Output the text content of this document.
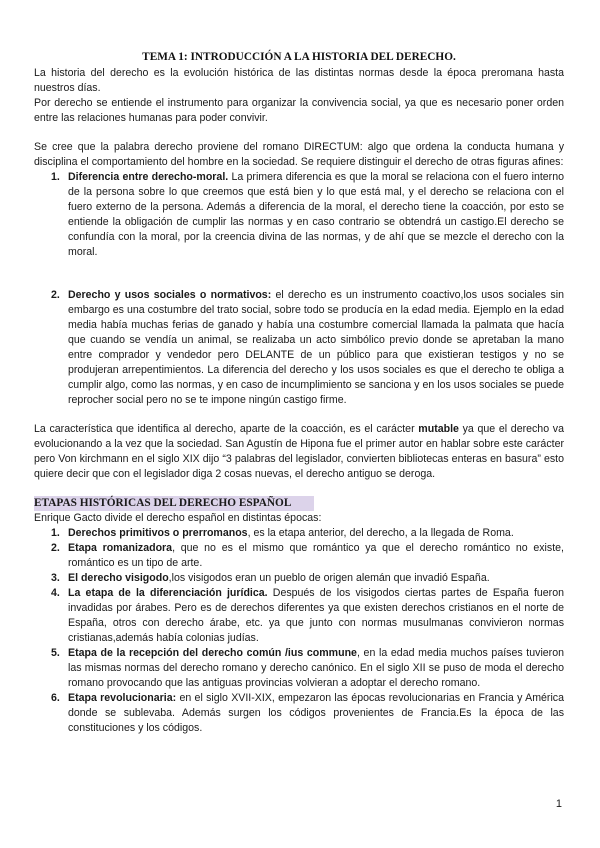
TEMA 1: INTRODUCCIÓN A LA HISTORIA DEL DERECHO.

La historia del derecho es la evolución histórica de las distintas normas desde la época preromana hasta nuestros días.

Por derecho se entiende el instrumento para organizar la convivencia social, ya que es necesario poner orden entre las relaciones humanas para poder convivir.

Se cree que la palabra derecho proviene del romano DIRECTUM: algo que ordena la conducta humana y disciplina el comportamiento del hombre en la sociedad. Se requiere distinguir el derecho de otras figuras afines:

1. Diferencia entre derecho-moral. La primera diferencia es que la moral se relaciona con el fuero interno de la persona sobre lo que creemos que está bien y lo que está mal, y el derecho se relaciona con el fuero externo de la persona. Además a diferencia de la moral, el derecho tiene la coacción, por esto se entiende la obligación de cumplir las normas y en caso contrario se obtendrá un castigo.El derecho se confundía con la moral, por la creencia divina de las normas, y de ahí que se mezcle el derecho con la moral.
2. Derecho y usos sociales o normativos: el derecho es un instrumento coactivo,los usos sociales sin embargo es una costumbre del trato social, sobre todo se producía en la edad media. Ejemplo en la edad media había muchas ferias de ganado y había una costumbre comercial llamada la palmata que hacía que cuando se vendía un animal, se realizaba un acto simbólico previo donde se apretaban la mano entre comprador y vendedor pero DELANTE de un público para que existieran testigos y no se produjeran arrepentimientos. La diferencia del derecho y los usos sociales es que el derecho te obliga a cumplir algo, como las normas, y en caso de incumplimiento se sanciona y en los usos sociales se puede reprocher social pero no se te impone ningún castigo firme.

La característica que identifica al derecho, aparte de la coacción, es el carácter mutable ya que el derecho va evolucionando a la vez que la sociedad. San Agustín de Hipona fue el primer autor en hablar sobre este carácter pero Von kirchmann en el siglo XIX dijo “3 palabras del legislador, convierten bibliotecas enteras en basura” esto quiere decir que con el legislador diga 2 cosas nuevas, el derecho antiguo se deroga.

ETAPAS HISTÓRICAS DEL DERECHO ESPAÑOL

Enrique Gacto divide el derecho español en distintas épocas:

1. Derechos primitivos o prerromanos, es la etapa anterior, del derecho, a la llegada de Roma.
2. Etapa romanizadora, que no es el mismo que romántico ya que el derecho romántico no existe, romántico es un tipo de arte.
3. El derecho visigodo,los visigodos eran un pueblo de origen alemán que invadió España.
4. La etapa de la diferenciación jurídica. Después de los visigodos ciertas partes de España fueron invadidas por árabes. Pero es de derechos diferentes ya que existen derechos cristianos en el norte de España, otros con derecho árabe, etc. ya que junto con normas musulmanas convivieron normas cristianas,además había colonias judías.
5. Etapa de la recepción del derecho común /ius commune, en la edad media muchos países tuvieron las mismas normas del derecho romano y derecho canónico. En el siglo XII se puso de moda el derecho romano provocando que las antiguas provincias volvieran a adoptar el derecho romano.
6. Etapa revolucionaria: en el siglo XVII-XIX, empezaron las épocas revolucionarias en Francia y América donde se sublevaba. Además surgen los códigos provenientes de Francia.Es la época de las constituciones y los códigos.
1
